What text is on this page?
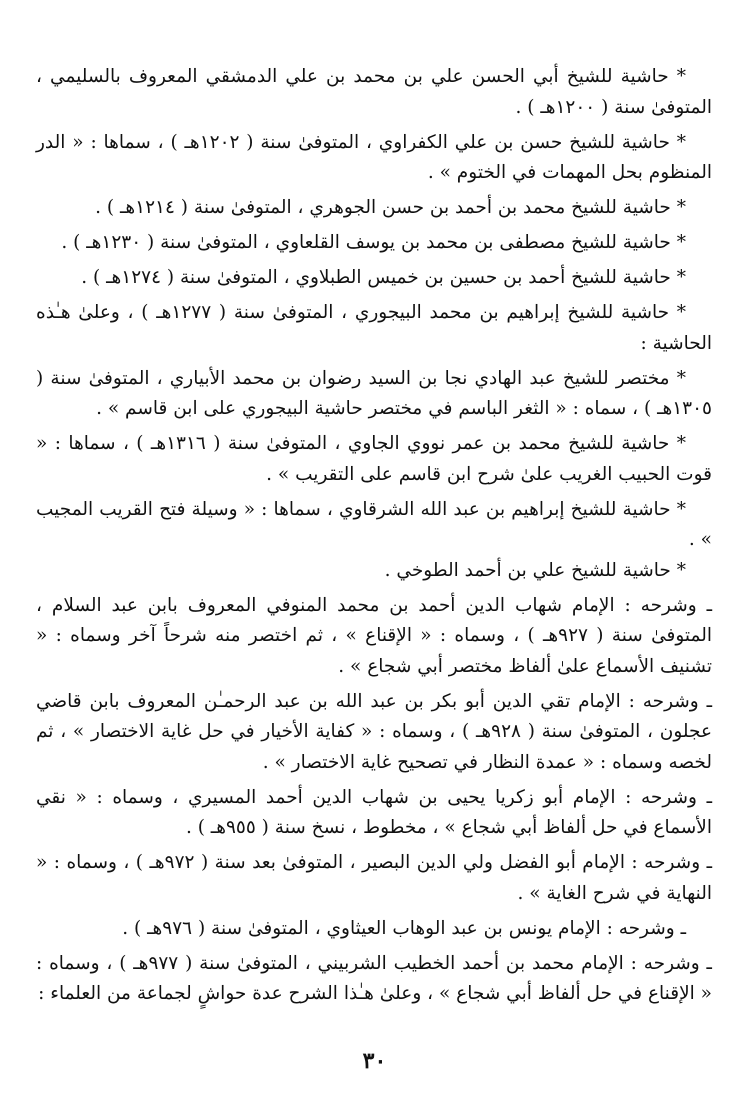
* حاشية للشيخ أبي الحسن علي بن محمد بن علي الدمشقي المعروف بالسليمي ، المتوفىٰ سنة ( ١٢٠٠هـ ) .

* حاشية للشيخ حسن بن علي الكفراوي ، المتوفىٰ سنة ( ١٢٠٢هـ ) ، سماها : « الدر المنظوم بحل المهمات في الختوم » .

* حاشية للشيخ محمد بن أحمد بن حسن الجوهري ، المتوفىٰ سنة ( ١٢١٤هـ ) .

* حاشية للشيخ مصطفى بن محمد بن يوسف القلعاوي ، المتوفىٰ سنة ( ١٢٣٠هـ ) .

* حاشية للشيخ أحمد بن حسين بن خميس الطبلاوي ، المتوفىٰ سنة ( ١٢٧٤هـ ) .

* حاشية للشيخ إبراهيم بن محمد البيجوري ، المتوفىٰ سنة ( ١٢٧٧هـ ) ، وعلىٰ هـٰذه الحاشية :

* مختصر للشيخ عبد الهادي نجا بن السيد رضوان بن محمد الأبياري ، المتوفىٰ سنة ( ١٣٠٥هـ ) ، سماه : « الثغر الباسم في مختصر حاشية البيجوري على ابن قاسم » .

* حاشية للشيخ محمد بن عمر نووي الجاوي ، المتوفىٰ سنة ( ١٣١٦هـ ) ، سماها : « قوت الحبيب الغريب علىٰ شرح ابن قاسم على التقريب » .

* حاشية للشيخ إبراهيم بن عبد الله الشرقاوي ، سماها : « وسيلة فتح القريب المجيب » .

* حاشية للشيخ علي بن أحمد الطوخي .

ـ وشرحه : الإمام شهاب الدين أحمد بن محمد المنوفي المعروف بابن عبد السلام ، المتوفىٰ سنة ( ٩٢٧هـ ) ، وسماه : « الإقناع » ، ثم اختصر منه شرحاً آخر وسماه : « تشنيف الأسماع علىٰ ألفاظ مختصر أبي شجاع » .

ـ وشرحه : الإمام تقي الدين أبو بكر بن عبد الله بن عبد الرحمـٰن المعروف بابن قاضي عجلون ، المتوفىٰ سنة ( ٩٢٨هـ ) ، وسماه : « كفاية الأخيار في حل غاية الاختصار » ، ثم لخصه وسماه : « عمدة النظار في تصحيح غاية الاختصار » .

ـ وشرحه : الإمام أبو زكريا يحيى بن شهاب الدين أحمد المسيري ، وسماه : « نقي الأسماع في حل ألفاظ أبي شجاع » ، مخطوط ، نسخ سنة ( ٩٥٥هـ ) .

ـ وشرحه : الإمام أبو الفضل ولي الدين البصير ، المتوفىٰ بعد سنة ( ٩٧٢هـ ) ، وسماه : « النهاية في شرح الغاية » .

ـ وشرحه : الإمام يونس بن عبد الوهاب العيثاوي ، المتوفىٰ سنة ( ٩٧٦هـ ) .

ـ وشرحه : الإمام محمد بن أحمد الخطيب الشربيني ، المتوفىٰ سنة ( ٩٧٧هـ ) ، وسماه : « الإقناع في حل ألفاظ أبي شجاع » ، وعلىٰ هـٰذا الشرح عدة حواشٍ لجماعة من العلماء :

٣٠
